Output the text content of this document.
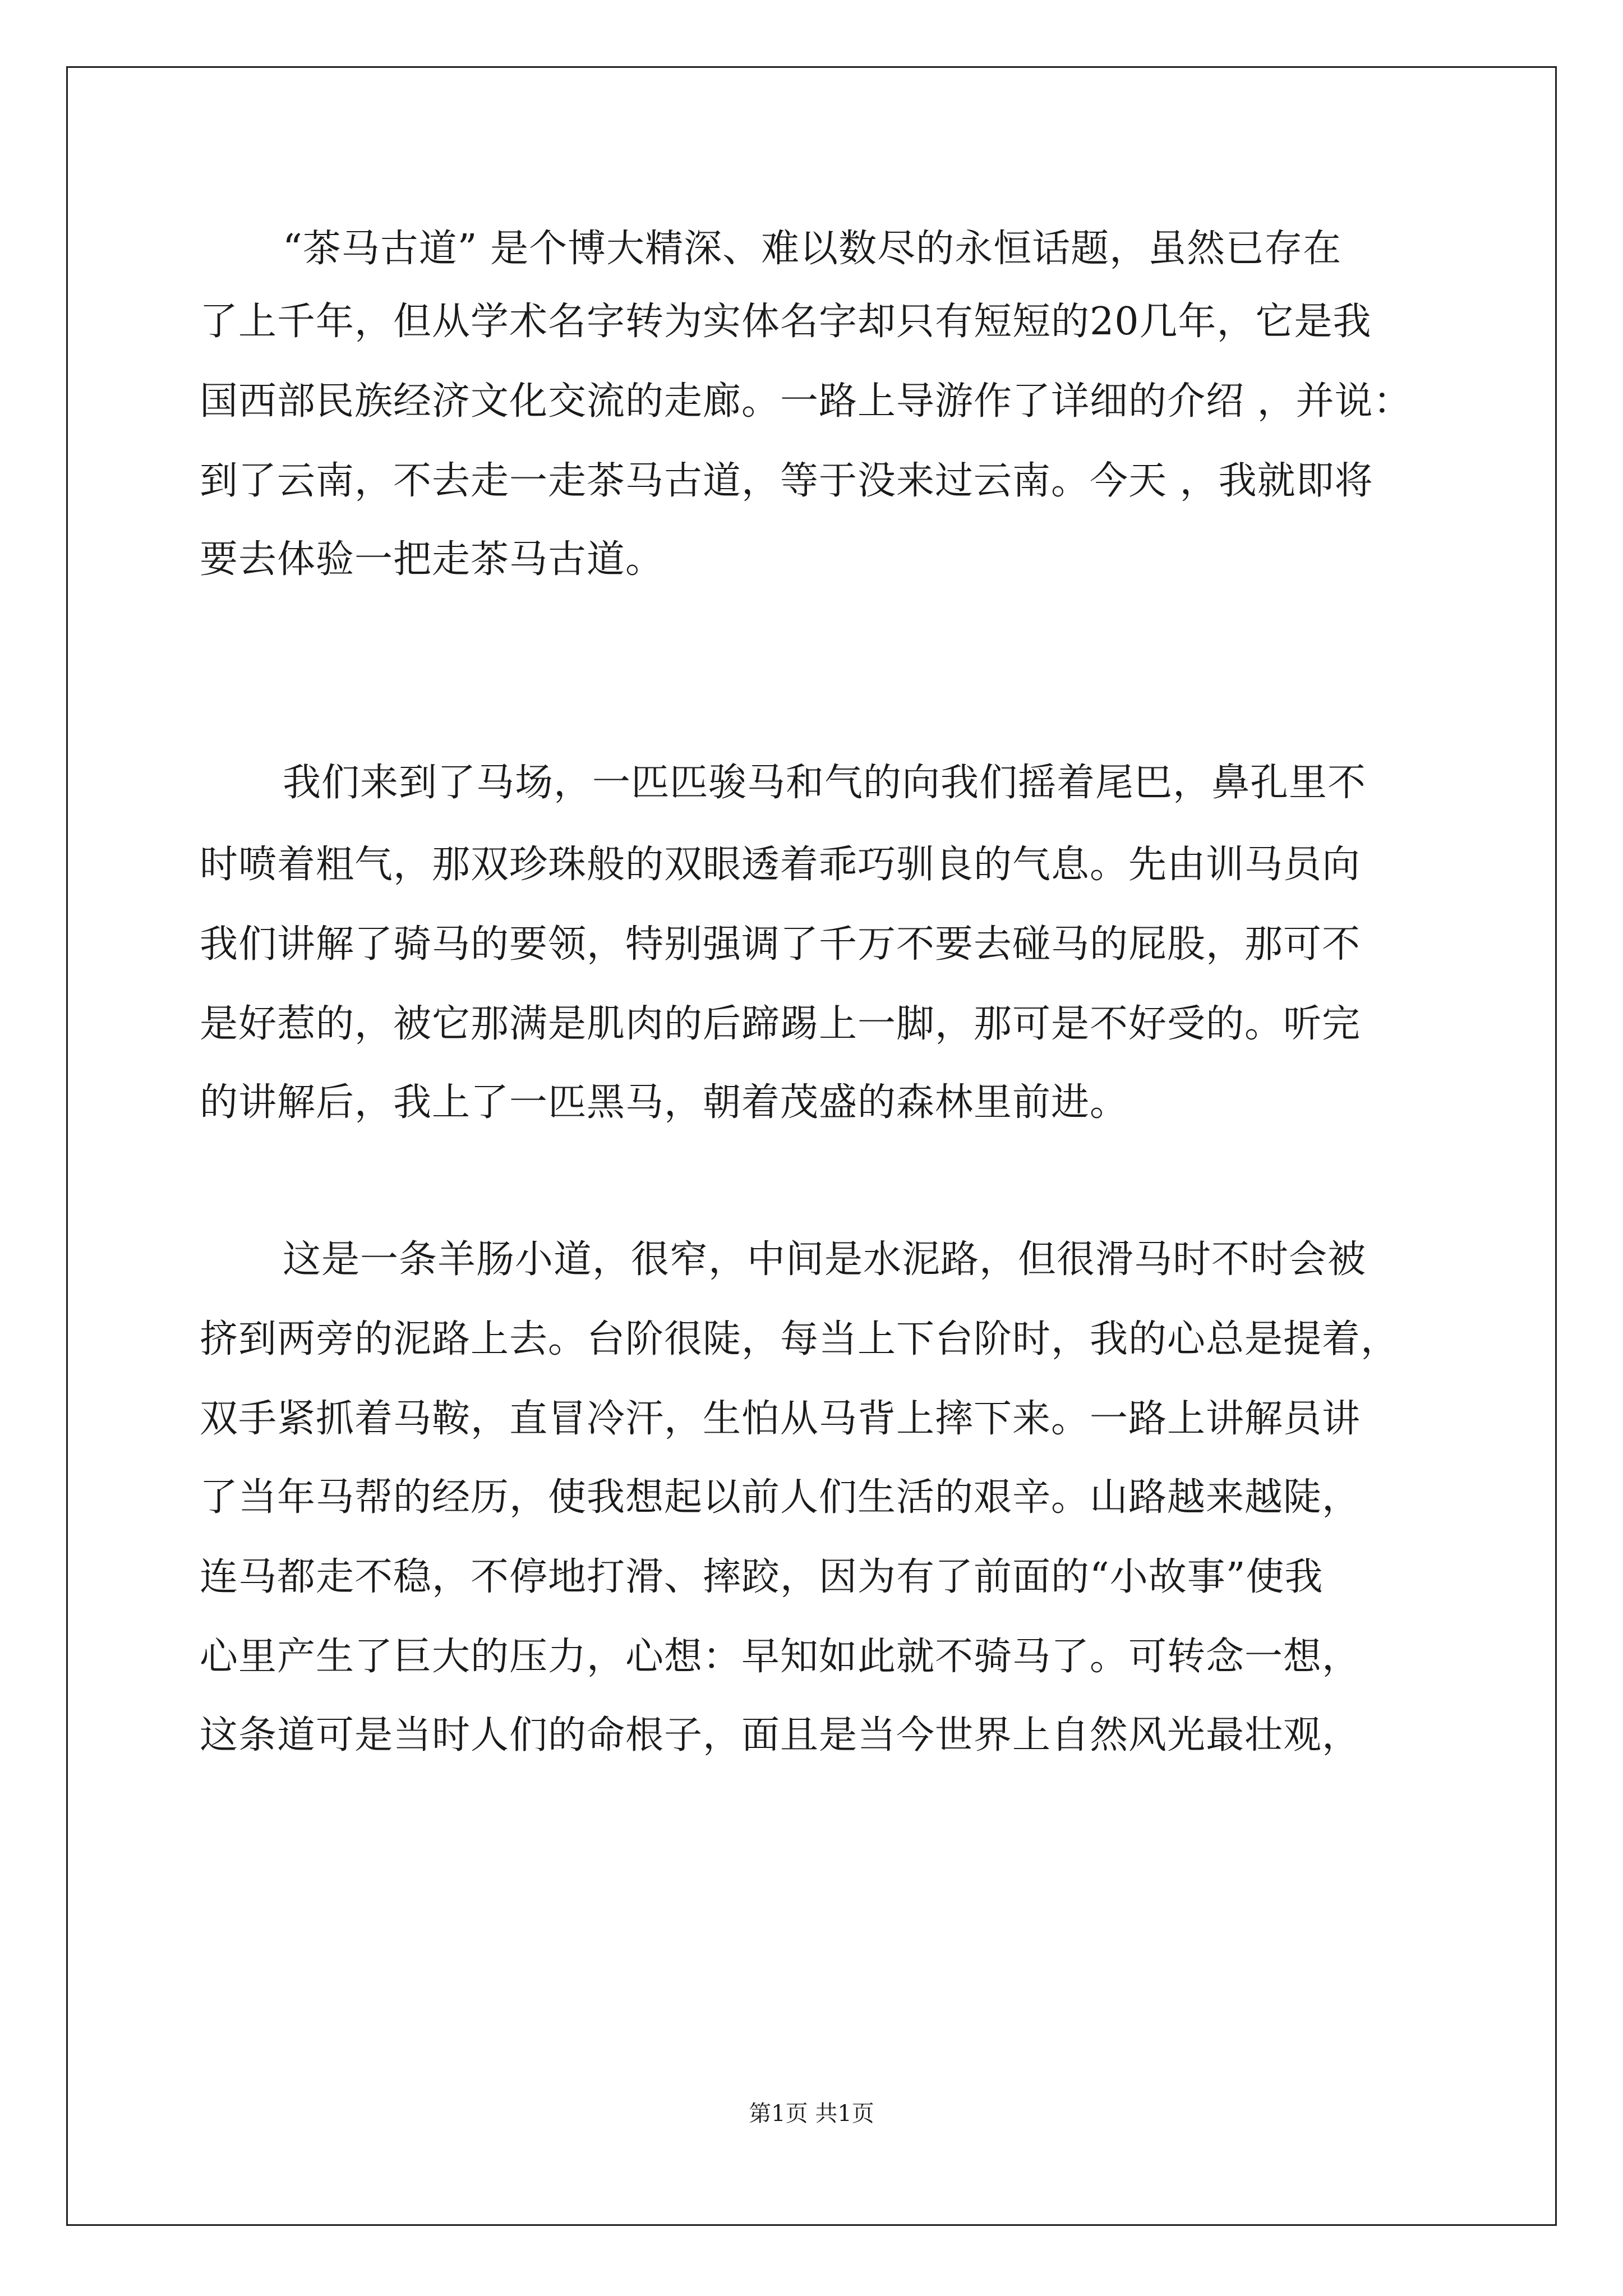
“茶马古道” 是个博大精深、难以数尽的永恒话题，虽然已存在
了上千年，但从学术名字转为实体名字却只有短短的20几年，它是我
国西部民族经济文化交流的走廊。一路上导游作了详细的介绍 ，并说：
到了云南，不去走一走茶马古道，等于没来过云南。今天 ，我就即将
要去体验一把走茶马古道。
我们来到了马场，一匹匹骏马和气的向我们摇着尾巴，鼻孔里不
时喷着粗气，那双珍珠般的双眼透着乖巧驯良的气息。先由训马员向
我们讲解了骑马的要领，特别强调了千万不要去碰马的屁股，那可不
是好惹的，被它那满是肌肉的后蹄踢上一脚，那可是不好受的。听完
的讲解后，我上了一匹黑马，朝着茂盛的森林里前进。
这是一条羊肠小道，很窄，中间是水泥路，但很滑马时不时会被
挤到两旁的泥路上去。台阶很陡，每当上下台阶时，我的心总是提着，
双手紧抓着马鞍，直冒冷汗，生怕从马背上摔下来。一路上讲解员讲
了当年马帮的经历，使我想起以前人们生活的艰辛。山路越来越陡，
连马都走不稳，不停地打滑、摔跤，因为有了前面的“小故事”使我
心里产生了巨大的压力，心想：早知如此就不骑马了。可转念一想，
这条道可是当时人们的命根子，面且是当今世界上自然风光最壮观，
第1页 共1页
